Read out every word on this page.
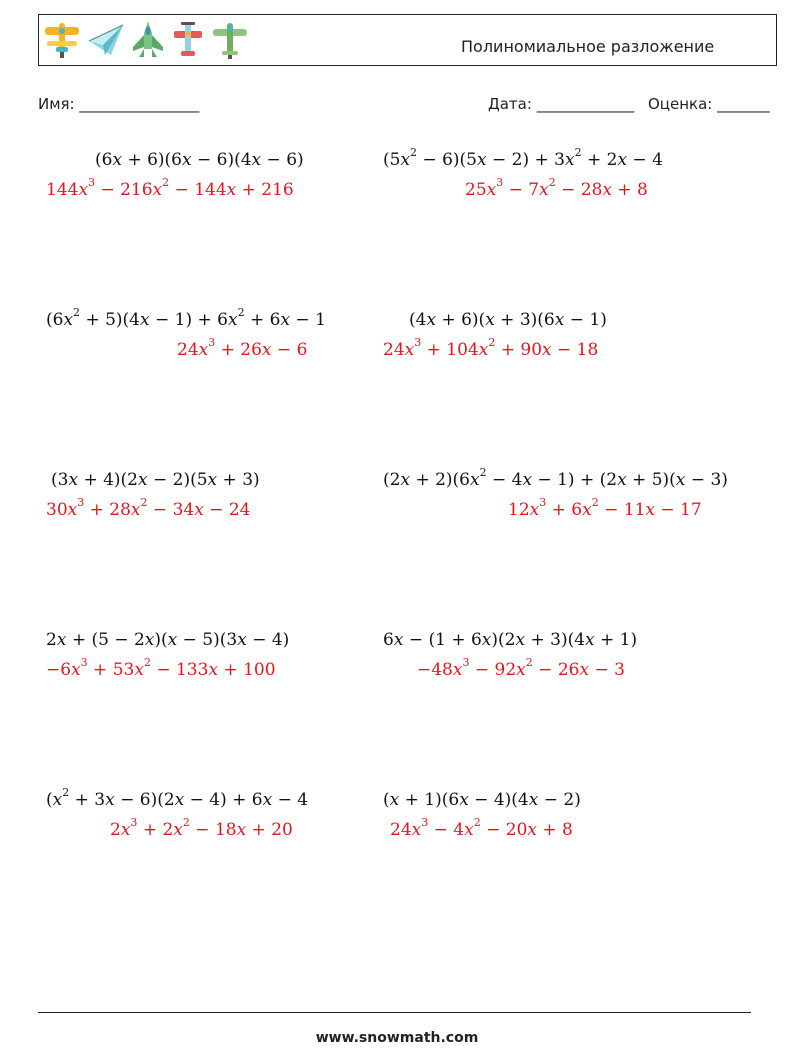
Полиномиальное разложение
Имя: ________________	Дата: _____________ Оценка: _______
(6x + 6)(6x − 6)(4x − 6)
$144x^3 - 216x^2 - 144x + 216$
$(5x^2 - 6)(5x - 2) + 3x^2 + 2x - 4$
$25x^3 - 7x^2 - 28x + 8$
$(6x^2 + 5)(4x - 1) + 6x^2 + 6x - 1$
$24x^3 + 26x - 6$
(4x + 6)(x + 3)(6x − 1)
$24x^3 + 104x^2 + 90x - 18$
(3x + 4)(2x − 2)(5x + 3)
$30x^3 + 28x^2 - 34x - 24$
$(2x + 2)(6x^2 - 4x - 1) + (2x + 5)(x - 3)$
$12x^3 + 6x^2 - 11x - 17$
2x + (5 − 2x)(x − 5)(3x − 4)
$-6x^3 + 53x^2 - 133x + 100$
6x − (1 + 6x)(2x + 3)(4x + 1)
$-48x^3 - 92x^2 - 26x - 3$
$(x^2 + 3x - 6)(2x - 4) + 6x - 4$
$2x^3 + 2x^2 - 18x + 20$
(x + 1)(6x − 4)(4x − 2)
$24x^3 - 4x^2 - 20x + 8$
www.snowmath.com
